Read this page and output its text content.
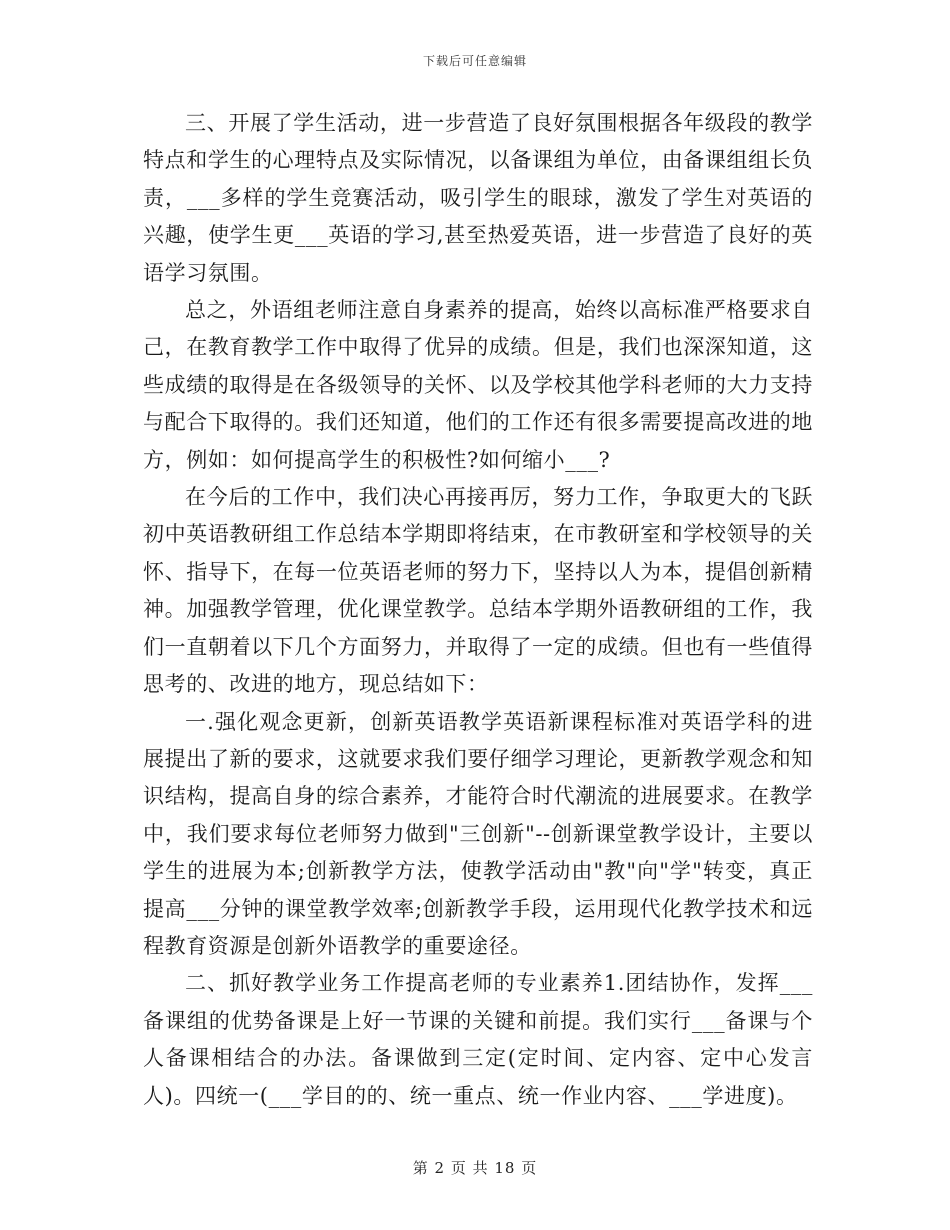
下载后可任意编辑

三、开展了学生活动，进一步营造了良好氛围根据各年级段的教学特点和学生的心理特点及实际情况，以备课组为单位，由备课组组长负责，___多样的学生竞赛活动，吸引学生的眼球，激发了学生对英语的兴趣，使学生更___英语的学习,甚至热爱英语，进一步营造了良好的英语学习氛围。

总之，外语组老师注意自身素养的提高，始终以高标准严格要求自己，在教育教学工作中取得了优异的成绩。但是，我们也深深知道，这些成绩的取得是在各级领导的关怀、以及学校其他学科老师的大力支持与配合下取得的。我们还知道，他们的工作还有很多需要提高改进的地方，例如：如何提高学生的积极性?如何缩小___?

在今后的工作中，我们决心再接再厉，努力工作，争取更大的飞跃初中英语教研组工作总结本学期即将结束，在市教研室和学校领导的关怀、指导下，在每一位英语老师的努力下，坚持以人为本，提倡创新精神。加强教学管理，优化课堂教学。总结本学期外语教研组的工作，我们一直朝着以下几个方面努力，并取得了一定的成绩。但也有一些值得思考的、改进的地方，现总结如下：

一.强化观念更新，创新英语教学英语新课程标准对英语学科的进展提出了新的要求，这就要求我们要仔细学习理论，更新教学观念和知识结构，提高自身的综合素养，才能符合时代潮流的进展要求。在教学中，我们要求每位老师努力做到"三创新"--创新课堂教学设计，主要以学生的进展为本;创新教学方法，使教学活动由"教"向"学"转变，真正提高___分钟的课堂教学效率;创新教学手段，运用现代化教学技术和远程教育资源是创新外语教学的重要途径。

二、抓好教学业务工作提高老师的专业素养1.团结协作，发挥___备课组的优势备课是上好一节课的关键和前提。我们实行___备课与个人备课相结合的办法。备课做到三定(定时间、定内容、定中心发言人)。四统一(___学目的的、统一重点、统一作业内容、___学进度)。

第 2 页 共 18 页
